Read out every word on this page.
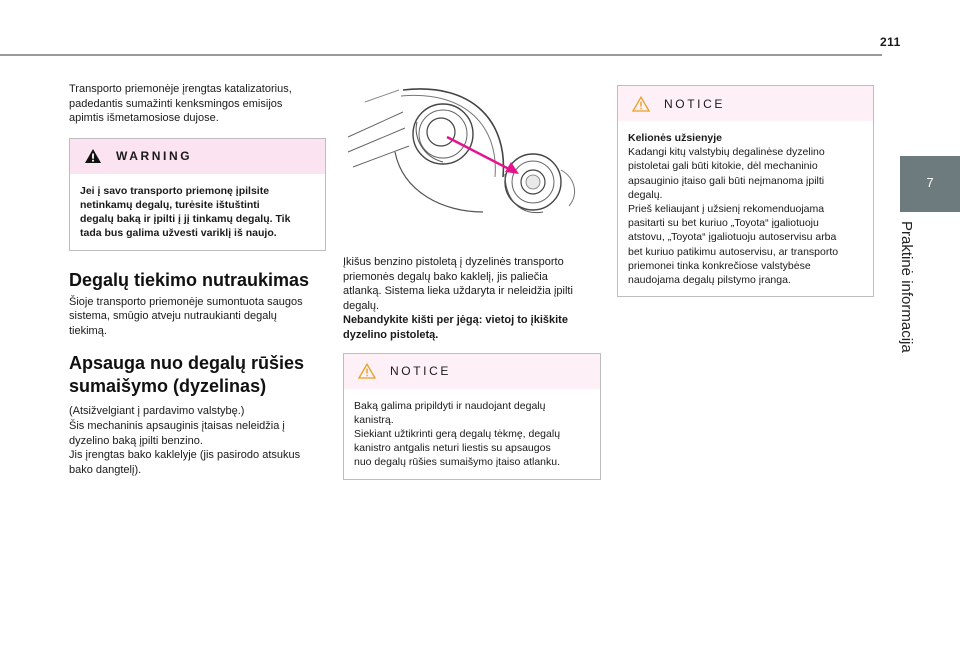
211
7
Praktinė informacija

Transporto priemonėje įrengtas katalizatorius,

padedantis sumažinti kenksmingos emisijos

apimtis išmetamosiose dujose.

WARNING

Jei į savo transporto priemonę įpilsite

netinkamų degalų, turėsite ištuštinti

degalų baką ir įpilti į jį tinkamų degalų. Tik

tada bus galima užvesti variklį iš naujo.

Degalų tiekimo nutraukimas

Šioje transporto priemonėje sumontuota saugos

sistema, smūgio atveju nutraukianti degalų

tiekimą.

Apsauga nuo degalų rūšies
sumaišymo (dyzelinas)

(Atsižvelgiant į pardavimo valstybę.)

Šis mechaninis apsauginis įtaisas neleidžia į

dyzelino baką įpilti benzino.

Jis įrengtas bako kaklelyje (jis pasirodo atsukus

bako dangtelį).

Įkišus benzino pistoletą į dyzelinės transporto

priemonės degalų bako kaklelį, jis paliečia

atlanką. Sistema lieka uždaryta ir neleidžia įpilti

degalų.

Nebandykite kišti per jėgą: vietoj to įkiškite

dyzelino pistoletą.

NOTICE

Baką galima pripildyti ir naudojant degalų

kanistrą.

Siekiant užtikrinti gerą degalų tėkmę, degalų

kanistro antgalis neturi liestis su apsaugos

nuo degalų rūšies sumaišymo įtaiso atlanku.

NOTICE

Kelionės užsienyje

Kadangi kitų valstybių degalinėse dyzelino

pistoletai gali būti kitokie, dėl mechaninio

apsauginio įtaiso gali būti neįmanoma įpilti

degalų.

Prieš keliaujant į užsienį rekomenduojama

pasitarti su bet kuriuo „Toyota“ įgaliotuoju

atstovu, „Toyota“ įgaliotuoju autoservisu arba

bet kuriuo patikimu autoservisu, ar transporto

priemonei tinka konkrečiose valstybėse

naudojama degalų pilstymo įranga.
